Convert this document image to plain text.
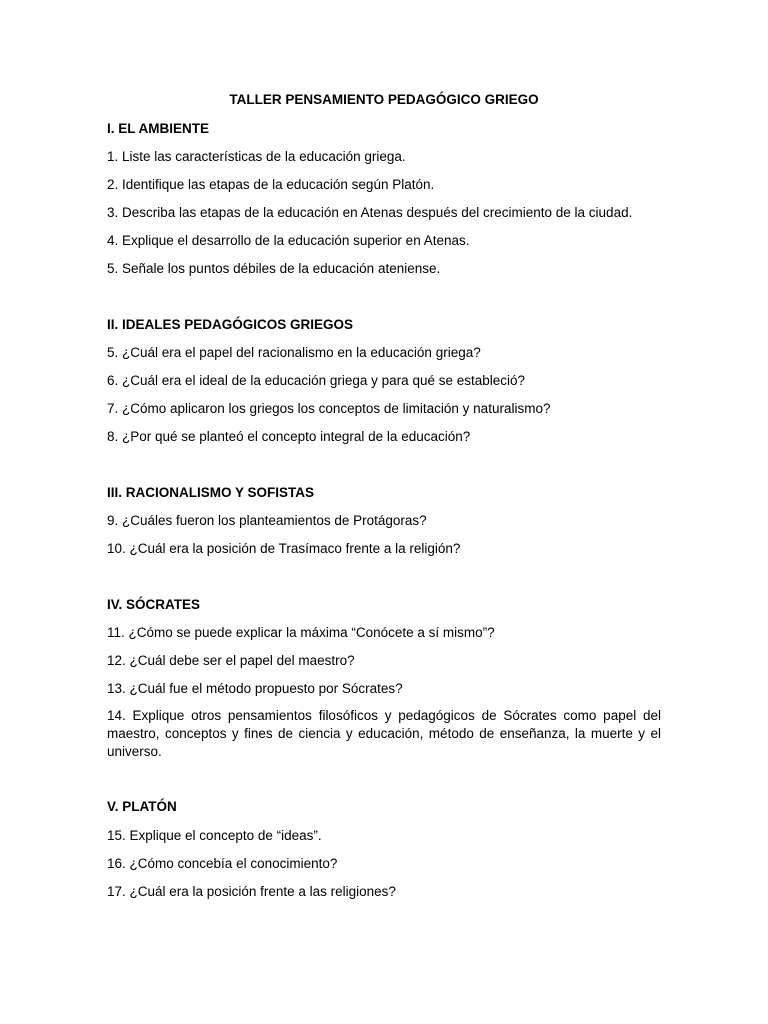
TALLER PENSAMIENTO PEDAGÓGICO GRIEGO
I. EL AMBIENTE
1. Liste las características de la educación griega.
2. Identifique las etapas de la educación según Platón.
3. Describa las etapas de la educación en Atenas después del crecimiento de la ciudad.
4. Explique el desarrollo de la educación superior en Atenas.
5. Señale los puntos débiles de la educación ateniense.
II. IDEALES PEDAGÓGICOS GRIEGOS
5. ¿Cuál era el papel del racionalismo en la educación griega?
6. ¿Cuál era el ideal de la educación griega y para qué se estableció?
7. ¿Cómo aplicaron los griegos los conceptos de limitación y naturalismo?
8. ¿Por qué se planteó el concepto integral de la educación?
III. RACIONALISMO Y SOFISTAS
9. ¿Cuáles fueron los planteamientos de Protágoras?
10. ¿Cuál era la posición de Trasímaco frente a la religión?
IV. SÓCRATES
11. ¿Cómo se puede explicar la máxima “Conócete a sí mismo”?
12. ¿Cuál debe ser el papel del maestro?
13. ¿Cuál fue el método propuesto por Sócrates?
14. Explique otros pensamientos filosóficos y pedagógicos de Sócrates como papel del maestro, conceptos y fines de ciencia y educación, método de enseñanza, la muerte y el universo.
V. PLATÓN
15. Explique el concepto de “ideas”.
16. ¿Cómo concebía el conocimiento?
17. ¿Cuál era la posición frente a las religiones?
